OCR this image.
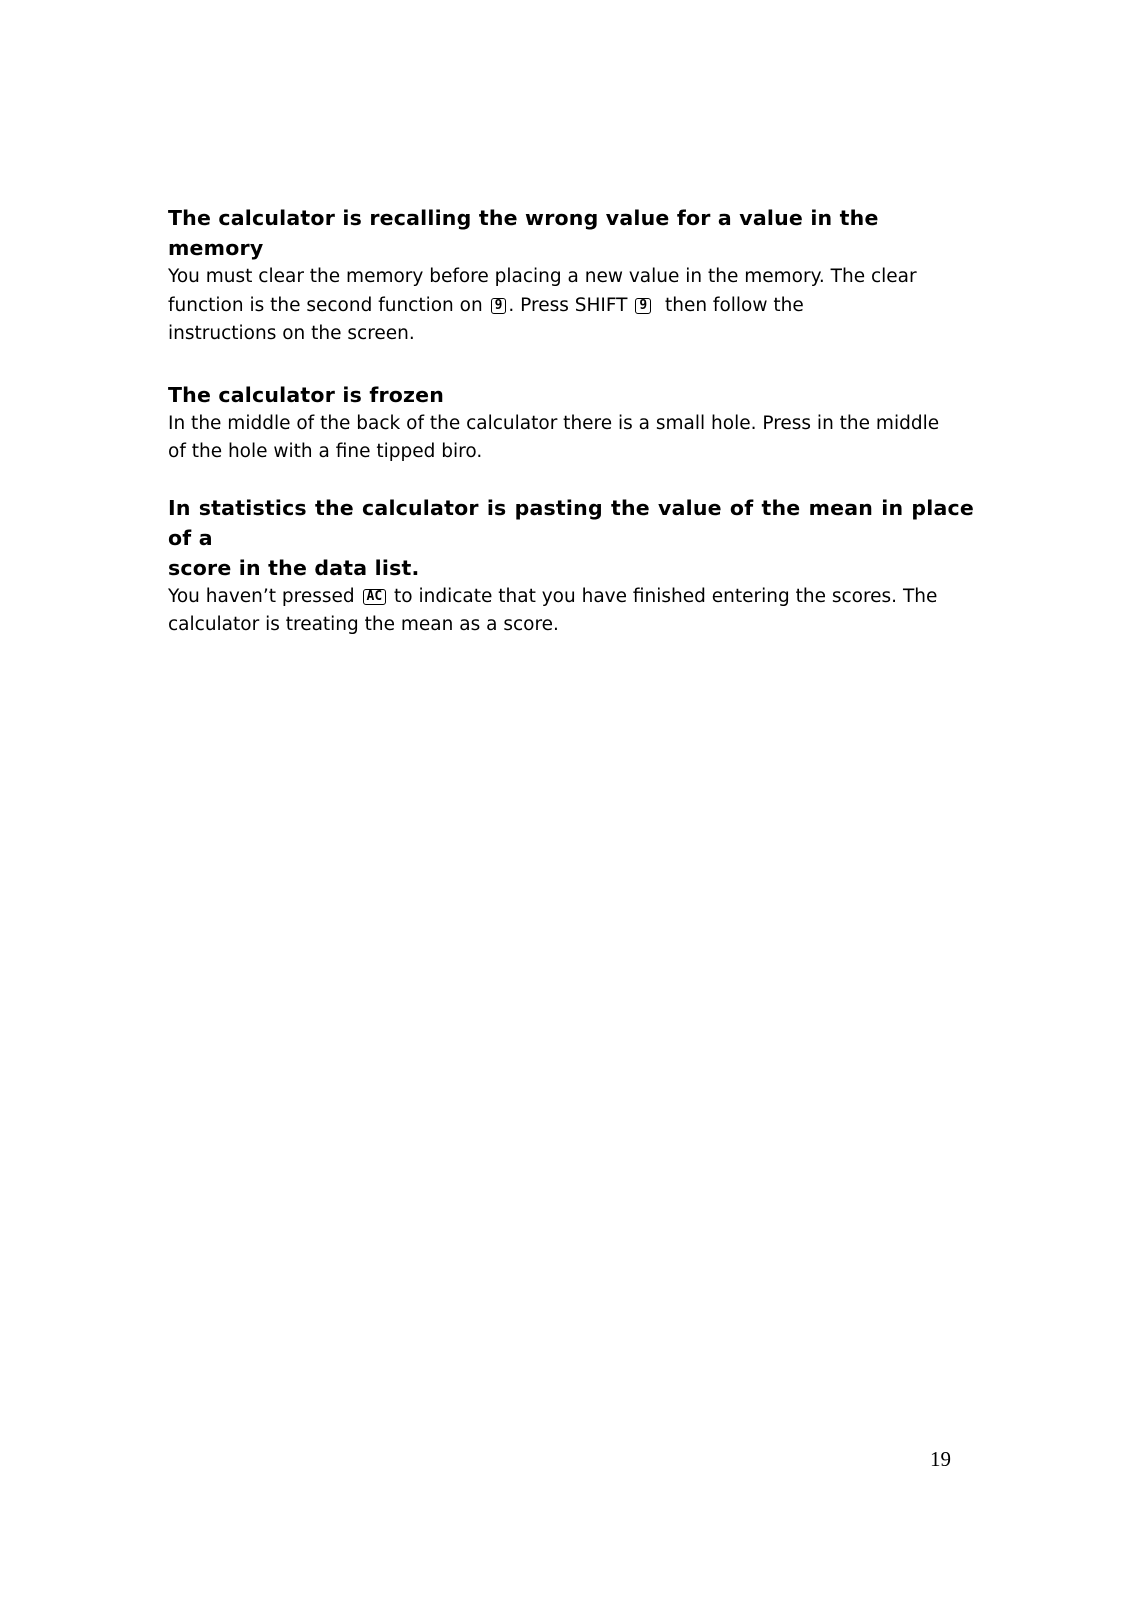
The calculator is recalling the wrong value for a value in the memory

You must clear the memory before placing a new value in the memory. The clear

function is the second function on 9 . Press SHIFT 9  then follow the

instructions on the screen.

The calculator is frozen

In the middle of the back of the calculator there is a small hole. Press in the middle

of the hole with a fine tipped biro.

In statistics the calculator is pasting the value of the mean in place of a

score in the data list.

You haven’t pressed AC to indicate that you have finished entering the scores. The

calculator is treating the mean as a score.

19
